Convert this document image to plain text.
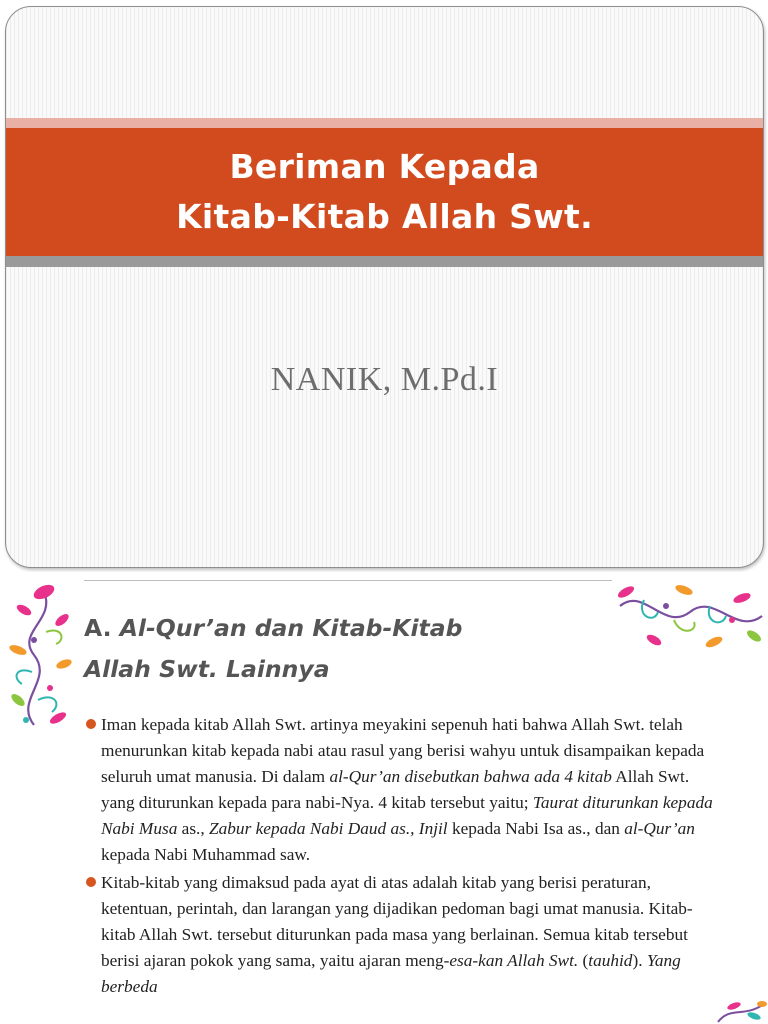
Beriman Kepada
Kitab-Kitab Allah Swt.
NANIK, M.Pd.I
A. Al-Qur’an dan Kitab-Kitab
Allah Swt. Lainnya

Iman kepada kitab Allah Swt. artinya meyakini sepenuh hati bahwa Allah Swt. telah menurunkan kitab kepada nabi atau rasul yang berisi wahyu untuk disampaikan kepada seluruh umat manusia. Di dalam al-Qur’an disebutkan bahwa ada 4 kitab Allah Swt. yang diturunkan kepada para nabi-Nya. 4 kitab tersebut yaitu; Taurat diturunkan kepada Nabi Musa as., Zabur kepada Nabi Daud as., Injil kepada Nabi Isa as., dan al-Qur’an kepada Nabi Muhammad saw.

Kitab-kitab yang dimaksud pada ayat di atas adalah kitab yang berisi peraturan, ketentuan, perintah, dan larangan yang dijadikan pedoman bagi umat manusia. Kitab-kitab Allah Swt. tersebut diturunkan pada masa yang berlainan. Semua kitab tersebut berisi ajaran pokok yang sama, yaitu ajaran meng-esa-kan Allah Swt. (tauhid). Yang berbeda
